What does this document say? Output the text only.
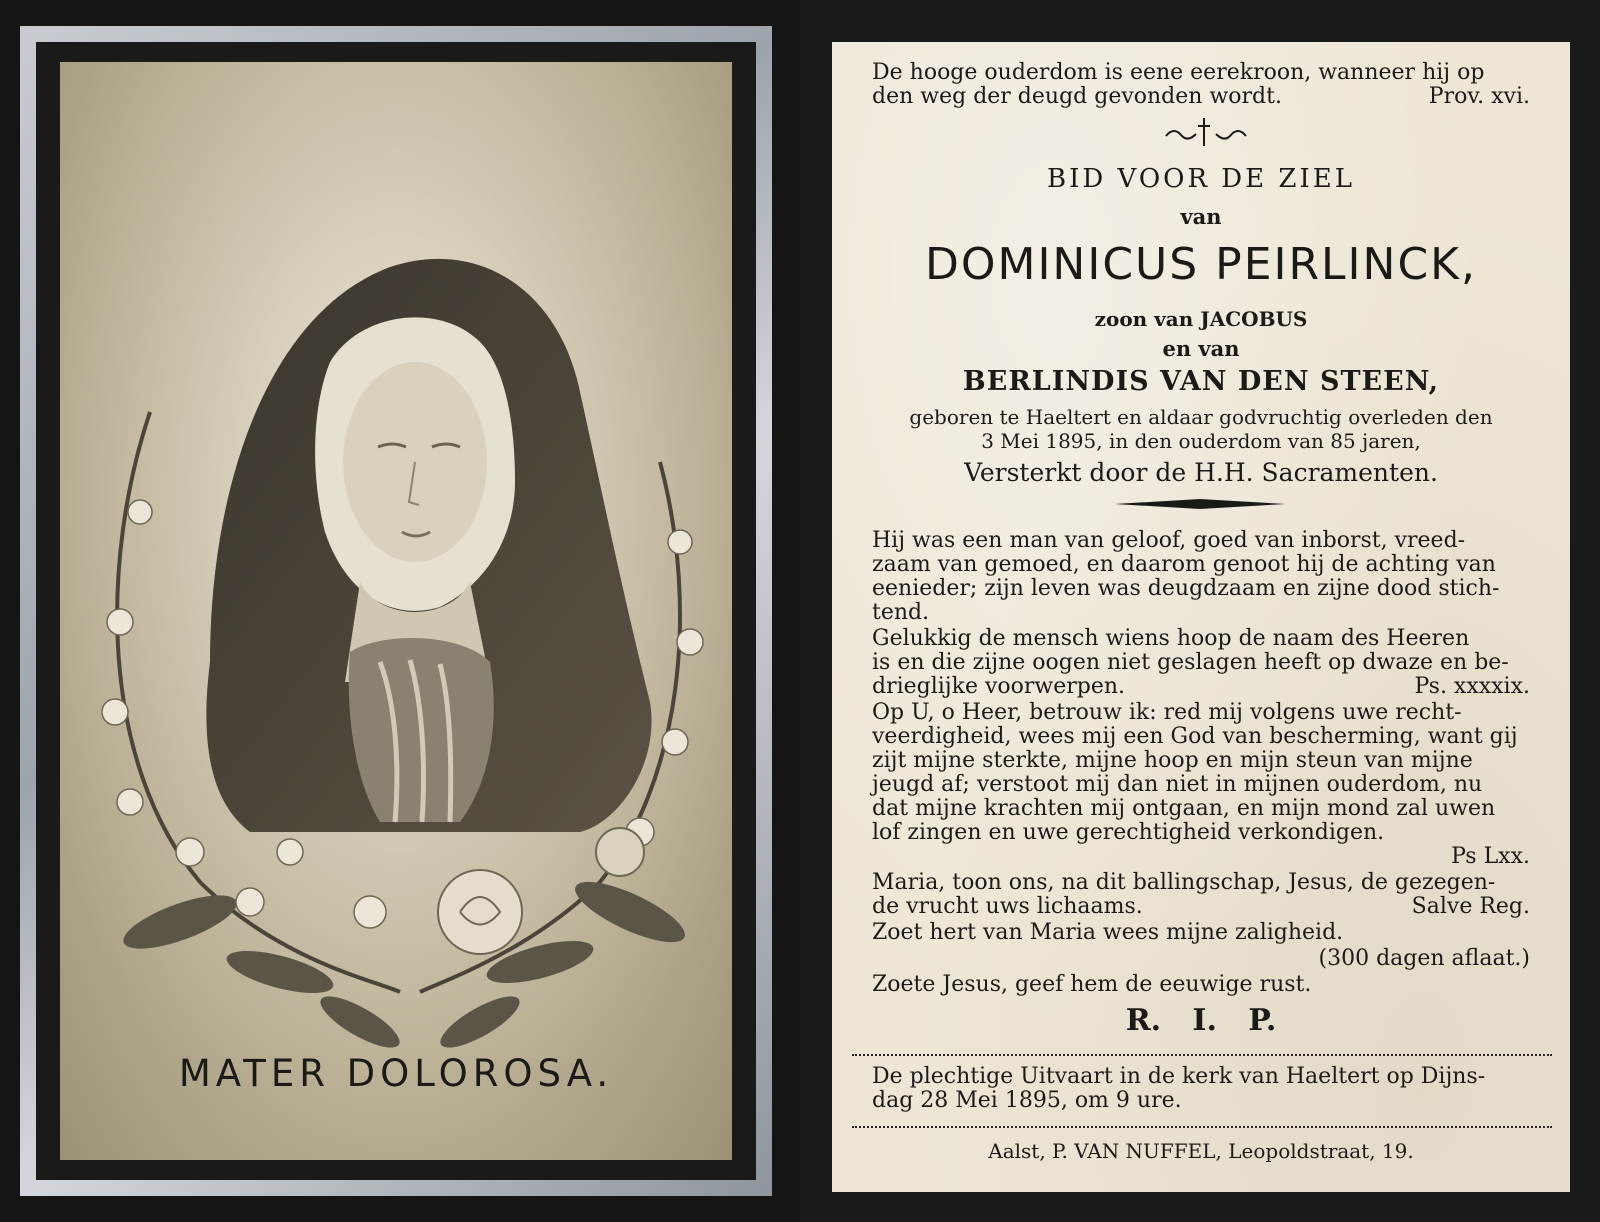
MATER DOLOROSA.
De hooge ouderdom is eene eerekroon, wanneer hij op
den weg der deugd gevonden wordt.	Prov. xvi.
BID VOOR DE ZIEL
van
DOMINICUS PEIRLINCK,
zoon van JACOBUS
en van
BERLINDIS VAN DEN STEEN,
geboren te Haeltert en aldaar godvruchtig overleden den
3 Mei 1895, in den ouderdom van 85 jaren,
Versterkt door de H.H. Sacramenten.
Hij was een man van geloof, goed van inborst, vreed-
zaam van gemoed, en daarom genoot hij de achting van
eenieder; zijn leven was deugdzaam en zijne dood stich-
tend.
Gelukkig de mensch wiens hoop de naam des Heeren
is en die zijne oogen niet geslagen heeft op dwaze en be-
drieglijke voorwerpen.	Ps. xxxxix.
Op U, o Heer, betrouw ik: red mij volgens uwe recht-
veerdigheid, wees mij een God van bescherming, want gij
zijt mijne sterkte, mijne hoop en mijn steun van mijne
jeugd af; verstoot mij dan niet in mijnen ouderdom, nu
dat mijne krachten mij ontgaan, en mijn mond zal uwen
lof zingen en uwe gerechtigheid verkondigen.
Ps Lxx.
Maria, toon ons, na dit ballingschap, Jesus, de gezegen-
de vrucht uws lichaams.	Salve Reg.
Zoet hert van Maria wees mijne zaligheid.
(300 dagen aflaat.)
Zoete Jesus, geef hem de eeuwige rust.
R.   I.   P.
De plechtige Uitvaart in de kerk van Haeltert op Dijns-
dag 28 Mei 1895, om 9 ure.
Aalst, P. VAN NUFFEL, Leopoldstraat, 19.
